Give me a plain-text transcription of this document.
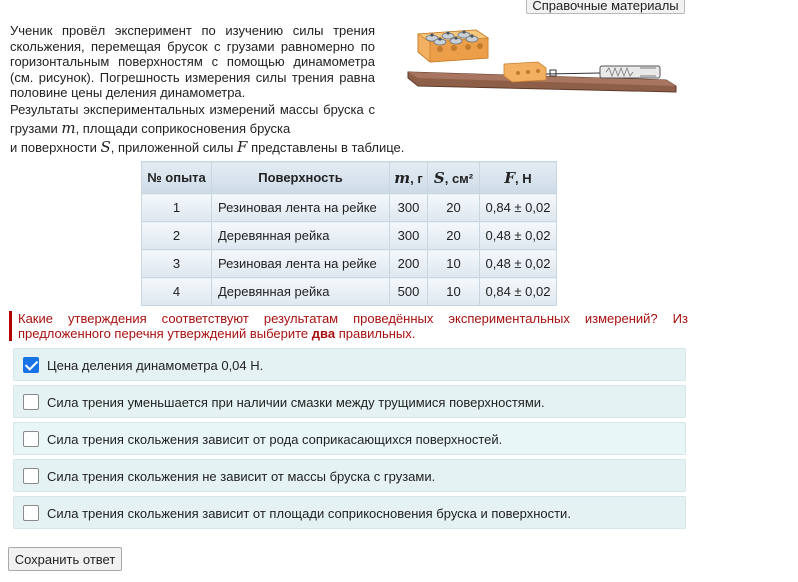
Справочные материалы

Ученик провёл эксперимент по изучению силы трения скольжения, перемещая брусок с грузами равномерно по горизонтальным поверхностям с помощью динамометра (см. рисунок). Погрешность измерения силы трения равна половине цены деления динамометра.

Результаты экспериментальных измерений массы бруска с грузами m, площади соприкосновения бруска
и поверхности S, приложенной силы F представлены в таблице.
№ опыта	Поверхность	m, г	S, см²	F, Н
1	Резиновая лента на рейке	300	20	0,84 ± 0,02
2	Деревянная рейка	300	20	0,48 ± 0,02
3	Резиновая лента на рейке	200	10	0,48 ± 0,02
4	Деревянная рейка	500	10	0,84 ± 0,02
Какие утверждения соответствуют результатам проведённых экспериментальных измерений? Из предложенного перечня утверждений выберите два правильных.
Цена деления динамометра 0,04 Н.
Сила трения уменьшается при наличии смазки между трущимися поверхностями.
Сила трения скольжения зависит от рода соприкасающихся поверхностей.
Сила трения скольжения не зависит от массы бруска с грузами.
Сила трения скольжения зависит от площади соприкосновения бруска и поверхности.
Сохранить ответ
